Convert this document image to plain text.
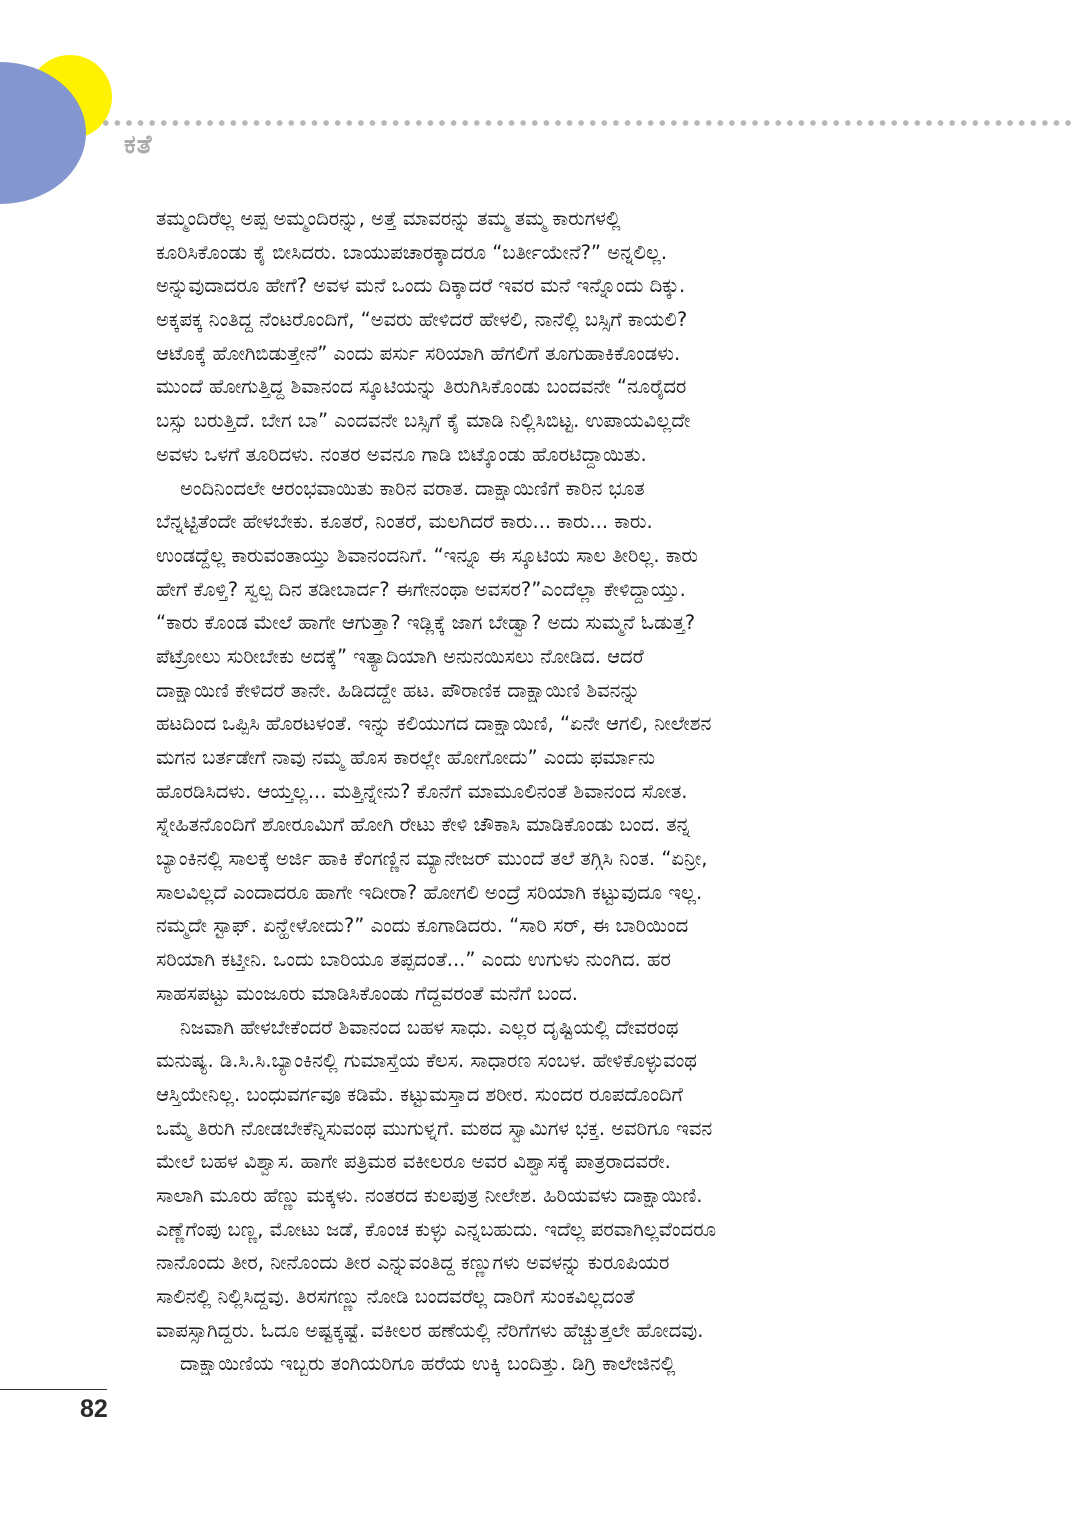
ಕತೆ
ತಮ್ಮಂದಿರೆಲ್ಲ ಅಪ್ಪ ಅಮ್ಮಂದಿರನ್ನು, ಅತ್ತೆ ಮಾವರನ್ನು ತಮ್ಮ ತಮ್ಮ ಕಾರುಗಳಲ್ಲಿ
ಕೂರಿಸಿಕೊಂಡು ಕೈ ಬೀಸಿದರು. ಬಾಯುಪಚಾರಕ್ಕಾದರೂ “ಬರ್ತೀಯೇನೆ?” ಅನ್ನಲಿಲ್ಲ.
ಅನ್ನುವುದಾದರೂ ಹೇಗೆ? ಅವಳ ಮನೆ ಒಂದು ದಿಕ್ಕಾದರೆ ಇವರ ಮನೆ ಇನ್ನೊಂದು ದಿಕ್ಕು.
ಅಕ್ಕಪಕ್ಕ ನಿಂತಿದ್ದ ನೆಂಟರೊಂದಿಗೆ, “ಅವರು ಹೇಳಿದರೆ ಹೇಳಲಿ, ನಾನೆಲ್ಲಿ ಬಸ್ಸಿಗೆ ಕಾಯಲಿ?
ಆಟೊಕ್ಕೆ ಹೋಗಿಬಿಡುತ್ತೇನೆ” ಎಂದು ಪರ್ಸು ಸರಿಯಾಗಿ ಹೆಗಲಿಗೆ ತೂಗುಹಾಕಿಕೊಂಡಳು.
ಮುಂದೆ ಹೋಗುತ್ತಿದ್ದ ಶಿವಾನಂದ ಸ್ಕೂಟಿಯನ್ನು ತಿರುಗಿಸಿಕೊಂಡು ಬಂದವನೇ “ನೂರೈದರ
ಬಸ್ಸು ಬರುತ್ತಿದೆ. ಬೇಗ ಬಾ” ಎಂದವನೇ ಬಸ್ಸಿಗೆ ಕೈ ಮಾಡಿ ನಿಲ್ಲಿಸಿಬಿಟ್ಟ. ಉಪಾಯವಿಲ್ಲದೇ
ಅವಳು ಒಳಗೆ ತೂರಿದಳು. ನಂತರ ಅವನೂ ಗಾಡಿ ಬಿಟ್ಕೊಂಡು ಹೊರಟಿದ್ದಾಯಿತು.
ಅಂದಿನಿಂದಲೇ ಆರಂಭವಾಯಿತು ಕಾರಿನ ವರಾತ. ದಾಕ್ಷಾಯಿಣಿಗೆ ಕಾರಿನ ಭೂತ
ಬೆನ್ನಟ್ಟಿತೆಂದೇ ಹೇಳಬೇಕು. ಕೂತರೆ, ನಿಂತರೆ, ಮಲಗಿದರೆ ಕಾರು... ಕಾರು... ಕಾರು.
ಉಂಡದ್ದೆಲ್ಲ ಕಾರುವಂತಾಯ್ತು ಶಿವಾನಂದನಿಗೆ. “ಇನ್ನೂ ಈ ಸ್ಕೂಟಿಯ ಸಾಲ ತೀರಿಲ್ಲ. ಕಾರು
ಹೇಗೆ ಕೊಳ್ತಿ? ಸ್ವಲ್ಪ ದಿನ ತಡೀಬಾರ್ದ? ಈಗೇನಂಥಾ ಅವಸರ?”ಎಂದೆಲ್ಲಾ ಕೇಳಿದ್ದಾಯ್ತು.
“ಕಾರು ಕೊಂಡ ಮೇಲೆ ಹಾಗೇ ಆಗುತ್ತಾ? ಇಡ್ಲಿಕ್ಕೆ ಜಾಗ ಬೇಡ್ವಾ? ಅದು ಸುಮ್ಮನೆ ಓಡುತ್ತ?
ಪೆಟ್ರೋಲು ಸುರೀಬೇಕು ಅದಕ್ಕೆ” ಇತ್ಯಾದಿಯಾಗಿ ಅನುನಯಿಸಲು ನೋಡಿದ. ಆದರೆ
ದಾಕ್ಷಾಯಿಣಿ ಕೇಳಿದರೆ ತಾನೇ. ಹಿಡಿದದ್ದೇ ಹಟ. ಪೌರಾಣಿಕ ದಾಕ್ಷಾಯಿಣಿ ಶಿವನನ್ನು
ಹಟದಿಂದ ಒಪ್ಪಿಸಿ ಹೊರಟಳಂತೆ. ಇನ್ನು ಕಲಿಯುಗದ ದಾಕ್ಷಾಯಿಣಿ, “ಏನೇ ಆಗಲಿ, ನೀಲೇಶನ
ಮಗನ ಬರ್ತಡೇಗೆ ನಾವು ನಮ್ಮ ಹೊಸ ಕಾರಲ್ಲೇ ಹೋಗೋದು” ಎಂದು ಫರ್ಮಾನು
ಹೊರಡಿಸಿದಳು. ಆಯ್ತಲ್ಲ... ಮತ್ತಿನ್ನೇನು? ಕೊನೆಗೆ ಮಾಮೂಲಿನಂತೆ ಶಿವಾನಂದ ಸೋತ.
ಸ್ನೇಹಿತನೊಂದಿಗೆ ಶೋರೂಮಿಗೆ ಹೋಗಿ ರೇಟು ಕೇಳಿ ಚೌಕಾಸಿ ಮಾಡಿಕೊಂಡು ಬಂದ. ತನ್ನ
ಬ್ಯಾಂಕಿನಲ್ಲಿ ಸಾಲಕ್ಕೆ ಅರ್ಜಿ ಹಾಕಿ ಕೆಂಗಣ್ಣಿನ ಮ್ಯಾನೇಜರ್ ಮುಂದೆ ತಲೆ ತಗ್ಗಿಸಿ ನಿಂತ. “ಏನ್ರೀ,
ಸಾಲವಿಲ್ಲದೆ ಎಂದಾದರೂ ಹಾಗೇ ಇದೀರಾ? ಹೋಗಲಿ ಅಂದ್ರೆ ಸರಿಯಾಗಿ ಕಟ್ಟುವುದೂ ಇಲ್ಲ.
ನಮ್ಮದೇ ಸ್ಟಾಫ್. ಏನ್ಹೇಳೋದು?” ಎಂದು ಕೂಗಾಡಿದರು. “ಸಾರಿ ಸರ್, ಈ ಬಾರಿಯಿಂದ
ಸರಿಯಾಗಿ ಕಟ್ತೀನಿ. ಒಂದು ಬಾರಿಯೂ ತಪ್ಪದಂತೆ...” ಎಂದು ಉಗುಳು ನುಂಗಿದ. ಹರ
ಸಾಹಸಪಟ್ಟು ಮಂಜೂರು ಮಾಡಿಸಿಕೊಂಡು ಗೆದ್ದವರಂತೆ ಮನೆಗೆ ಬಂದ.
ನಿಜವಾಗಿ ಹೇಳಬೇಕೆಂದರೆ ಶಿವಾನಂದ ಬಹಳ ಸಾಧು. ಎಲ್ಲರ ದೃಷ್ಟಿಯಲ್ಲಿ ದೇವರಂಥ
ಮನುಷ್ಯ. ಡಿ.ಸಿ.ಸಿ.ಬ್ಯಾಂಕಿನಲ್ಲಿ ಗುಮಾಸ್ತೆಯ ಕೆಲಸ. ಸಾಧಾರಣ ಸಂಬಳ. ಹೇಳಿಕೊಳ್ಳುವಂಥ
ಆಸ್ತಿಯೇನಿಲ್ಲ. ಬಂಧುವರ್ಗವೂ ಕಡಿಮೆ. ಕಟ್ಟುಮಸ್ತಾದ ಶರೀರ. ಸುಂದರ ರೂಪದೊಂದಿಗೆ
ಒಮ್ಮೆ ತಿರುಗಿ ನೋಡಬೇಕೆನ್ನಿಸುವಂಥ ಮುಗುಳ್ನಗೆ. ಮಠದ ಸ್ವಾಮಿಗಳ ಭಕ್ತ. ಅವರಿಗೂ ಇವನ
ಮೇಲೆ ಬಹಳ ವಿಶ್ವಾಸ. ಹಾಗೇ ಪತ್ರಿಮಠ ವಕೀಲರೂ ಅವರ ವಿಶ್ವಾಸಕ್ಕೆ ಪಾತ್ರರಾದವರೇ.
ಸಾಲಾಗಿ ಮೂರು ಹೆಣ್ಣು ಮಕ್ಕಳು. ನಂತರದ ಕುಲಪುತ್ರ ನೀಲೇಶ. ಹಿರಿಯವಳು ದಾಕ್ಷಾಯಿಣಿ.
ಎಣ್ಣೆಗೆಂಪು ಬಣ್ಣ, ಮೋಟು ಜಡೆ, ಕೊಂಚ ಕುಳ್ಳು ಎನ್ನಬಹುದು. ಇದೆಲ್ಲ ಪರವಾಗಿಲ್ಲವೆಂದರೂ
ನಾನೊಂದು ತೀರ, ನೀನೊಂದು ತೀರ ಎನ್ನುವಂತಿದ್ದ ಕಣ್ಣುಗಳು ಅವಳನ್ನು ಕುರೂಪಿಯರ
ಸಾಲಿನಲ್ಲಿ ನಿಲ್ಲಿಸಿದ್ದವು. ತಿರಸಗಣ್ಣು ನೋಡಿ ಬಂದವರೆಲ್ಲ ದಾರಿಗೆ ಸುಂಕವಿಲ್ಲದಂತೆ
ವಾಪಸ್ಸಾಗಿದ್ದರು. ಓದೂ ಅಷ್ಟಕ್ಕಷ್ಟೆ. ವಕೀಲರ ಹಣೆಯಲ್ಲಿ ನೆರಿಗೆಗಳು ಹೆಚ್ಚುತ್ತಲೇ ಹೋದವು.
ದಾಕ್ಷಾಯಿಣಿಯ ಇಬ್ಬರು ತಂಗಿಯರಿಗೂ ಹರೆಯ ಉಕ್ಕಿ ಬಂದಿತ್ತು. ಡಿಗ್ರಿ ಕಾಲೇಜಿನಲ್ಲಿ
82
